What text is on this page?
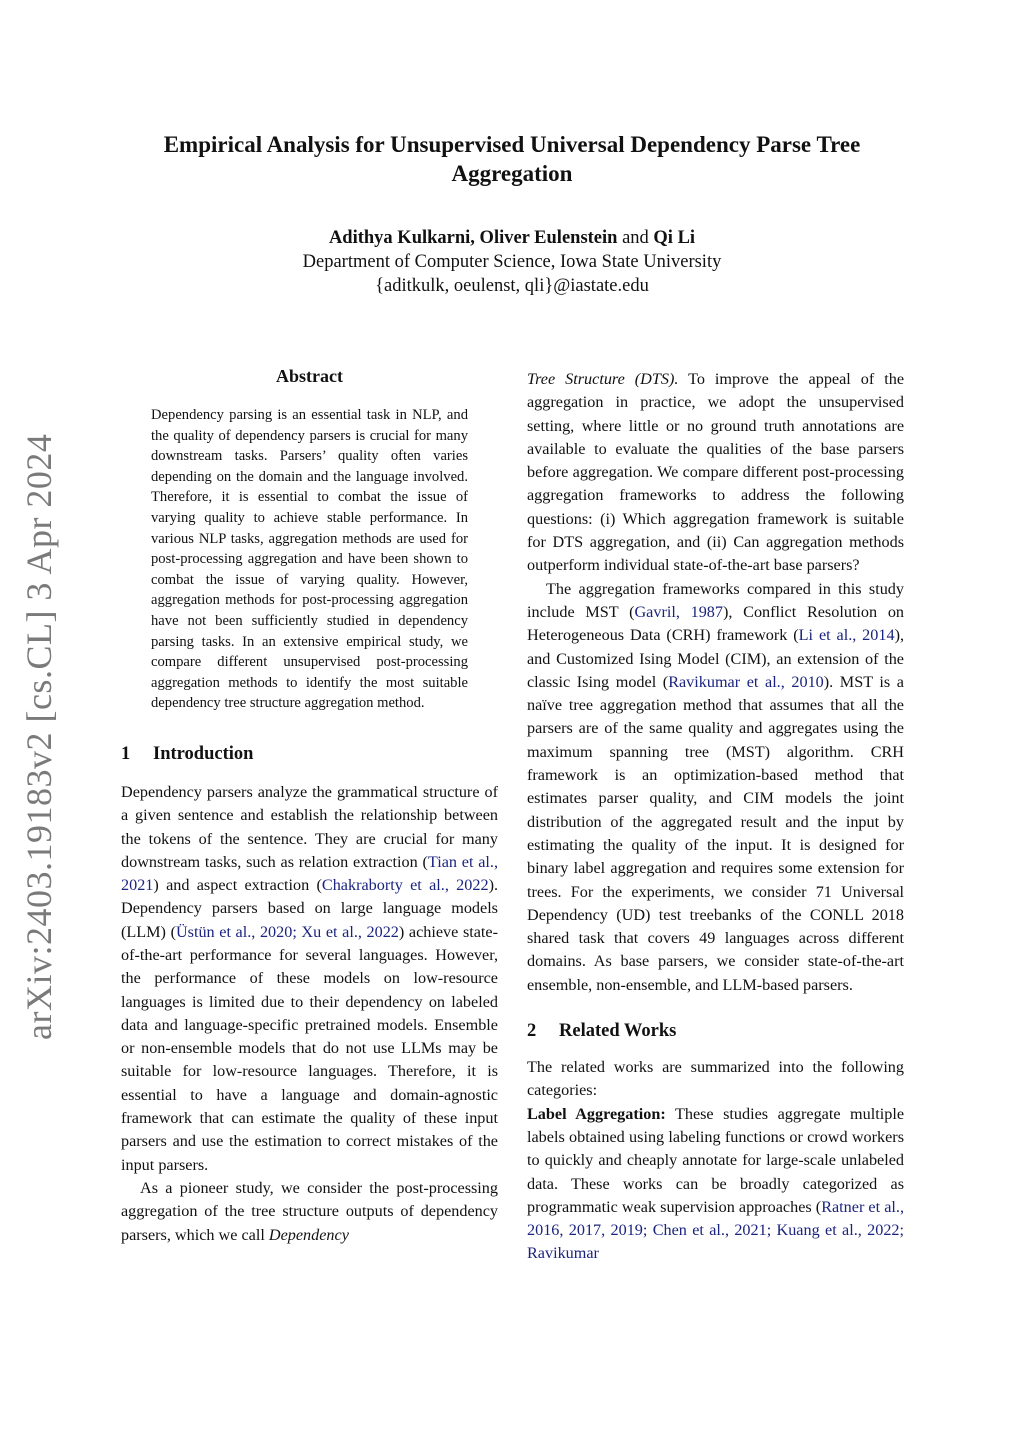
Empirical Analysis for Unsupervised Universal Dependency Parse Tree
Aggregation
Adithya Kulkarni, Oliver Eulenstein and Qi Li
Department of Computer Science, Iowa State University
{aditkulk, oeulenst, qli}@iastate.edu
arXiv:2403.19183v2 [cs.CL] 3 Apr 2024
Abstract

Dependency parsing is an essential task in NLP, and the quality of dependency parsers is crucial for many downstream tasks. Parsers’ quality often varies depending on the domain and the language involved. Therefore, it is essential to combat the issue of varying quality to achieve stable performance. In various NLP tasks, aggregation methods are used for post-processing aggregation and have been shown to combat the issue of varying quality. However, aggregation methods for post-processing aggregation have not been sufficiently studied in dependency parsing tasks. In an extensive empirical study, we compare different unsupervised post-processing aggregation methods to identify the most suitable dependency tree structure aggregation method.

1 Introduction

Dependency parsers analyze the grammatical structure of a given sentence and establish the relationship between the tokens of the sentence. They are crucial for many downstream tasks, such as relation extraction (Tian et al., 2021) and aspect extraction (Chakraborty et al., 2022). Dependency parsers based on large language models (LLM) (Üstün et al., 2020; Xu et al., 2022) achieve state-of-the-art performance for several languages. However, the performance of these models on low-resource languages is limited due to their dependency on labeled data and language-specific pretrained models. Ensemble or non-ensemble models that do not use LLMs may be suitable for low-resource languages. Therefore, it is essential to have a language and domain-agnostic framework that can estimate the quality of these input parsers and use the estimation to correct mistakes of the input parsers.

As a pioneer study, we consider the post-processing aggregation of the tree structure outputs of dependency parsers, which we call Dependency

Tree Structure (DTS). To improve the appeal of the aggregation in practice, we adopt the unsupervised setting, where little or no ground truth annotations are available to evaluate the qualities of the base parsers before aggregation. We compare different post-processing aggregation frameworks to address the following questions: (i) Which aggregation framework is suitable for DTS aggregation, and (ii) Can aggregation methods outperform individual state-of-the-art base parsers?

The aggregation frameworks compared in this study include MST (Gavril, 1987), Conflict Resolution on Heterogeneous Data (CRH) framework (Li et al., 2014), and Customized Ising Model (CIM), an extension of the classic Ising model (Ravikumar et al., 2010). MST is a naïve tree aggregation method that assumes that all the parsers are of the same quality and aggregates using the maximum spanning tree (MST) algorithm. CRH framework is an optimization-based method that estimates parser quality, and CIM models the joint distribution of the aggregated result and the input by estimating the quality of the input. It is designed for binary label aggregation and requires some extension for trees. For the experiments, we consider 71 Universal Dependency (UD) test treebanks of the CONLL 2018 shared task that covers 49 languages across different domains. As base parsers, we consider state-of-the-art ensemble, non-ensemble, and LLM-based parsers.

2 Related Works

The related works are summarized into the following categories:

Label Aggregation: These studies aggregate multiple labels obtained using labeling functions or crowd workers to quickly and cheaply annotate for large-scale unlabeled data. These works can be broadly categorized as programmatic weak supervision approaches (Ratner et al., 2016, 2017, 2019; Chen et al., 2021; Kuang et al., 2022; Ravikumar
